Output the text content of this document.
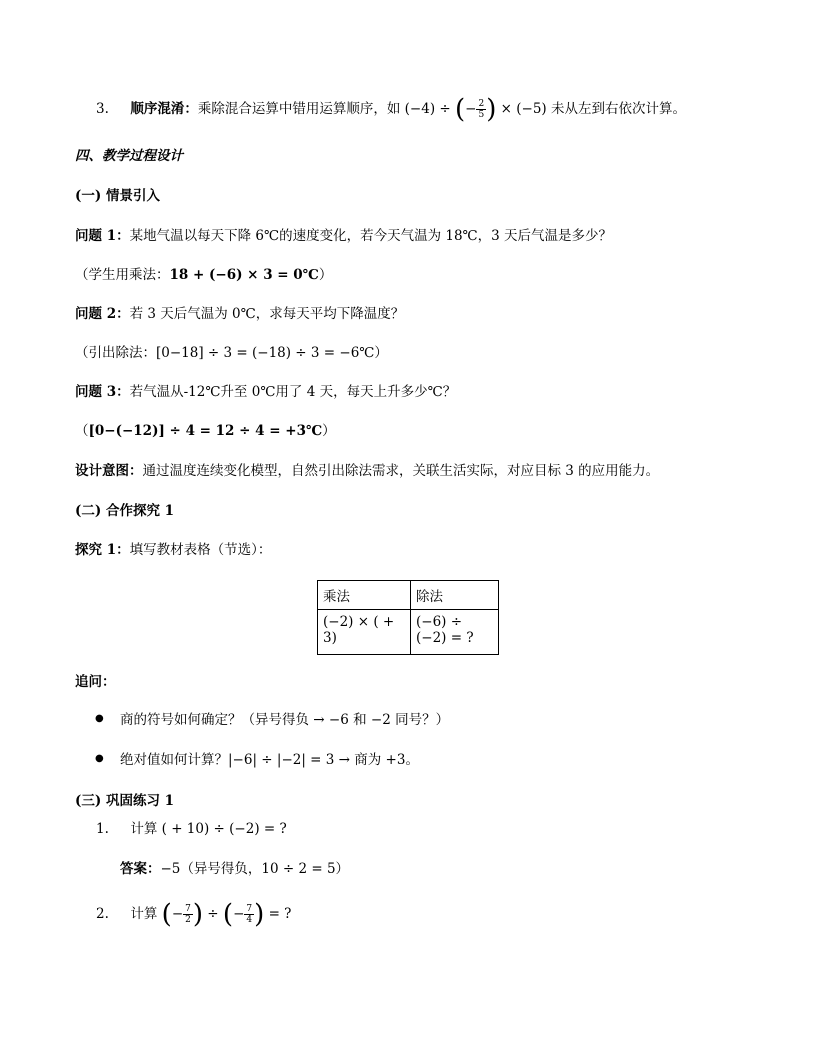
3. 顺序混淆：乘除混合运算中错用运算顺序，如 (−4) ÷ (− $\frac{2}{5}$ ) × (−5) 未从左到右依次计算。
四、教学过程设计
(一) 情景引入
问题 1：某地气温以每天下降 6℃的速度变化，若今天气温为 18℃，3 天后气温是多少？
（学生用乘法：18 + (−6) × 3 = 0℃）
问题 2：若 3 天后气温为 0℃，求每天平均下降温度？
（引出除法：[0−18] ÷ 3 = (−18) ÷ 3 = −6℃）
问题 3：若气温从-12℃升至 0℃用了 4 天，每天上升多少℃？
（[0−(−12)] ÷ 4 = 12 ÷ 4 = +3℃）
设计意图：通过温度连续变化模型，自然引出除法需求，关联生活实际，对应目标 3 的应用能力。
(二) 合作探究 1
探究 1：填写教材表格（节选）：
乘法	除法
(−2) × ( + 3)	(−6) ÷ (−2) = ?
追问：
● 商的符号如何确定？（异号得负 → −6 和 −2 同号？）
● 绝对值如何计算？|−6| ÷ |−2| = 3 → 商为 +3。
(三) 巩固练习 1
1. 计算 ( + 10) ÷ (−2) = ?
答案：−5（异号得负，10 ÷ 2 = 5）
2. 计算 (− $\frac{7}{2}$ ) ÷ (− $\frac{7}{4}$ ) = ?
